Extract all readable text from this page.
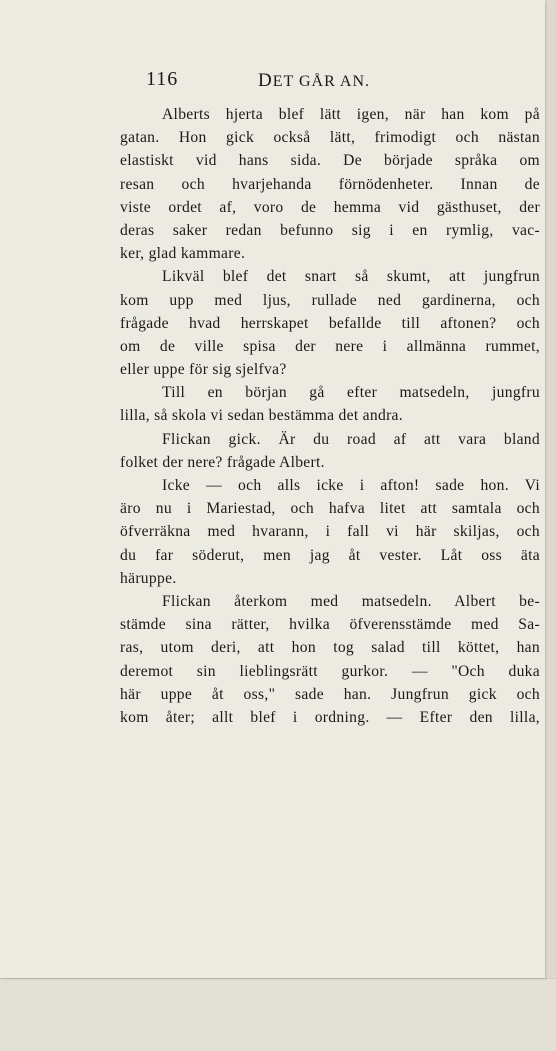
116	DET GÅR AN.
Alberts hjerta blef lätt igen, när han kom på
gatan. Hon gick också lätt, frimodigt och nästan
elastiskt vid hans sida. De började språka om
resan och hvarjehanda förnödenheter. Innan de
viste ordet af, voro de hemma vid gästhuset, der
deras saker redan befunno sig i en rymlig, vac-
ker, glad kammare.
Likväl blef det snart så skumt, att jungfrun
kom upp med ljus, rullade ned gardinerna, och
frågade hvad herrskapet befallde till aftonen? och
om de ville spisa der nere i allmänna rummet,
eller uppe för sig sjelfva?
Till en början gå efter matsedeln, jungfru
lilla, så skola vi sedan bestämma det andra.
Flickan gick. Är du road af att vara bland
folket der nere? frågade Albert.
Icke — och alls icke i afton! sade hon. Vi
äro nu i Mariestad, och hafva litet att samtala och
öfverräkna med hvarann, i fall vi här skiljas, och
du far söderut, men jag åt vester. Låt oss äta
häruppe.
Flickan återkom med matsedeln. Albert be-
stämde sina rätter, hvilka öfverensstämde med Sa-
ras, utom deri, att hon tog salad till köttet, han
deremot sin lieblingsrätt gurkor. — "Och duka
här uppe åt oss," sade han. Jungfrun gick och
kom åter; allt blef i ordning. — Efter den lilla,
